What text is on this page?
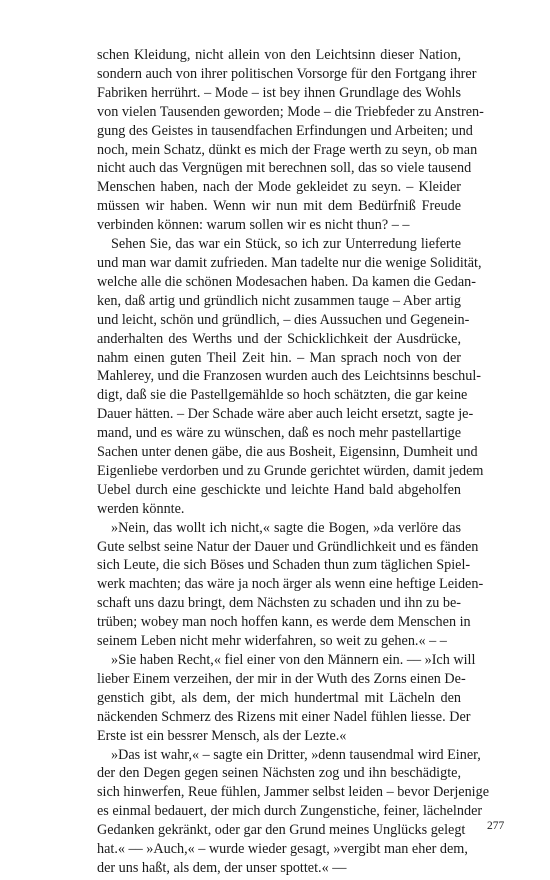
schen Kleidung, nicht allein von den Leichtsinn dieser Nation,
sondern auch von ihrer politischen Vorsorge für den Fortgang ihrer
Fabriken herrührt. – Mode – ist bey ihnen Grundlage des Wohls
von vielen Tausenden geworden; Mode – die Triebfeder zu Anstren-
gung des Geistes in tausendfachen Erfindungen und Arbeiten; und
noch, mein Schatz, dünkt es mich der Frage werth zu seyn, ob man
nicht auch das Vergnügen mit berechnen soll, das so viele tausend
Menschen haben, nach der Mode gekleidet zu seyn. – Kleider
müssen wir haben. Wenn wir nun mit dem Bedürfniß Freude
verbinden können: warum sollen wir es nicht thun? – –
Sehen Sie, das war ein Stück, so ich zur Unterredung lieferte
und man war damit zufrieden. Man tadelte nur die wenige Solidität,
welche alle die schönen Modesachen haben. Da kamen die Gedan-
ken, daß artig und gründlich nicht zusammen tauge – Aber artig
und leicht, schön und gründlich, – dies Aussuchen und Gegenein-
anderhalten des Werths und der Schicklichkeit der Ausdrücke,
nahm einen guten Theil Zeit hin. – Man sprach noch von der
Mahlerey, und die Franzosen wurden auch des Leichtsinns beschul-
digt, daß sie die Pastellgemählde so hoch schätzten, die gar keine
Dauer hätten. – Der Schade wäre aber auch leicht ersetzt, sagte je-
mand, und es wäre zu wünschen, daß es noch mehr pastellartige
Sachen unter denen gäbe, die aus Bosheit, Eigensinn, Dumheit und
Eigenliebe verdorben und zu Grunde gerichtet würden, damit jedem
Uebel durch eine geschickte und leichte Hand bald abgeholfen
werden könnte.
»Nein, das wollt ich nicht,« sagte die Bogen, »da verlöre das
Gute selbst seine Natur der Dauer und Gründlichkeit und es fänden
sich Leute, die sich Böses und Schaden thun zum täglichen Spiel-
werk machten; das wäre ja noch ärger als wenn eine heftige Leiden-
schaft uns dazu bringt, dem Nächsten zu schaden und ihn zu be-
trüben; wobey man noch hoffen kann, es werde dem Menschen in
seinem Leben nicht mehr widerfahren, so weit zu gehen.« – –
»Sie haben Recht,« fiel einer von den Männern ein. –– »Ich will
lieber Einem verzeihen, der mir in der Wuth des Zorns einen De-
genstich gibt, als dem, der mich hundertmal mit Lächeln den
näckenden Schmerz des Rizens mit einer Nadel fühlen liesse. Der
Erste ist ein bessrer Mensch, als der Lezte.«
»Das ist wahr,« – sagte ein Dritter, »denn tausendmal wird Einer,
der den Degen gegen seinen Nächsten zog und ihn beschädigte,
sich hinwerfen, Reue fühlen, Jammer selbst leiden – bevor Derjenige
es einmal bedauert, der mich durch Zungenstiche, feiner, lächelnder
Gedanken gekränkt, oder gar den Grund meines Unglücks gelegt
hat.« –– »Auch,« – wurde wieder gesagt, »vergibt man eher dem,
der uns haßt, als dem, der unser spottet.« ––
277
